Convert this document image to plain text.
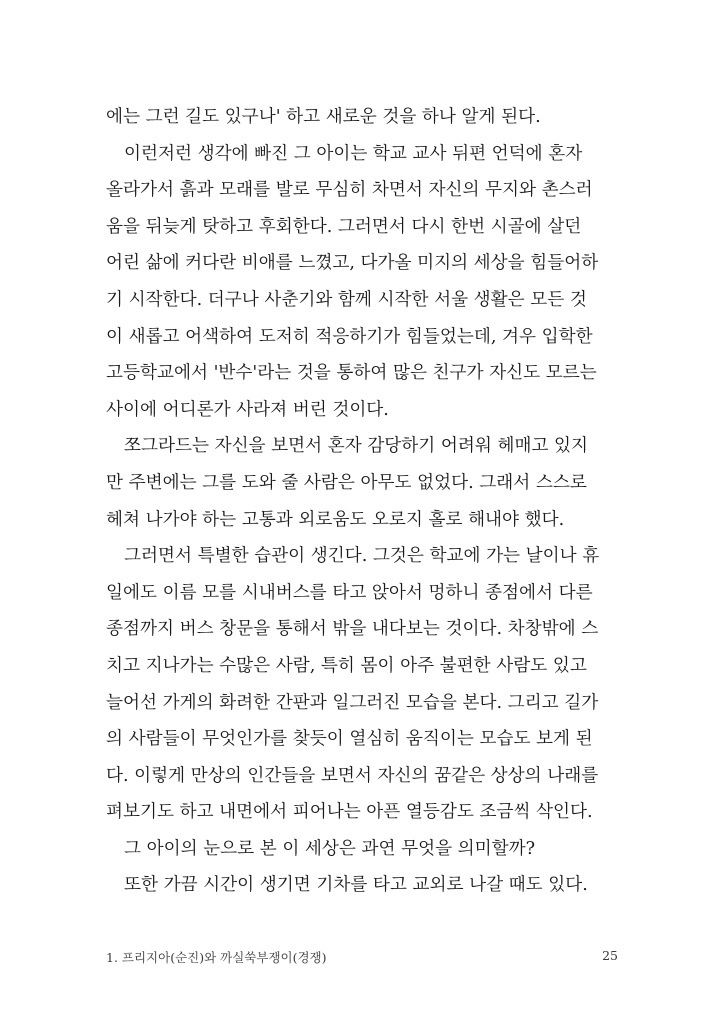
에는 그런 길도 있구나' 하고 새로운 것을 하나 알게 된다.
이런저런 생각에 빠진 그 아이는 학교 교사 뒤편 언덕에 혼자
올라가서 흙과 모래를 발로 무심히 차면서 자신의 무지와 촌스러
움을 뒤늦게 탓하고 후회한다. 그러면서 다시 한번 시골에 살던
어린 삶에 커다란 비애를 느꼈고, 다가올 미지의 세상을 힘들어하
기 시작한다. 더구나 사춘기와 함께 시작한 서울 생활은 모든 것
이 새롭고 어색하여 도저히 적응하기가 힘들었는데, 겨우 입학한
고등학교에서 '반수'라는 것을 통하여 많은 친구가 자신도 모르는
사이에 어디론가 사라져 버린 것이다.
쪼그라드는 자신을 보면서 혼자 감당하기 어려워 헤매고 있지
만 주변에는 그를 도와 줄 사람은 아무도 없었다. 그래서 스스로
헤쳐 나가야 하는 고통과 외로움도 오로지 홀로 해내야 했다.
그러면서 특별한 습관이 생긴다. 그것은 학교에 가는 날이나 휴
일에도 이름 모를 시내버스를 타고 앉아서 멍하니 종점에서 다른
종점까지 버스 창문을 통해서 밖을 내다보는 것이다. 차창밖에 스
치고 지나가는 수많은 사람, 특히 몸이 아주 불편한 사람도 있고
늘어선 가게의 화려한 간판과 일그러진 모습을 본다. 그리고 길가
의 사람들이 무엇인가를 찾듯이 열심히 움직이는 모습도 보게 된
다. 이렇게 만상의 인간들을 보면서 자신의 꿈같은 상상의 나래를
펴보기도 하고 내면에서 피어나는 아픈 열등감도 조금씩 삭인다.
그 아이의 눈으로 본 이 세상은 과연 무엇을 의미할까?
또한 가끔 시간이 생기면 기차를 타고 교외로 나갈 때도 있다.
1. 프리지아(순진)와 까실쑥부쟁이(경쟁)	25
